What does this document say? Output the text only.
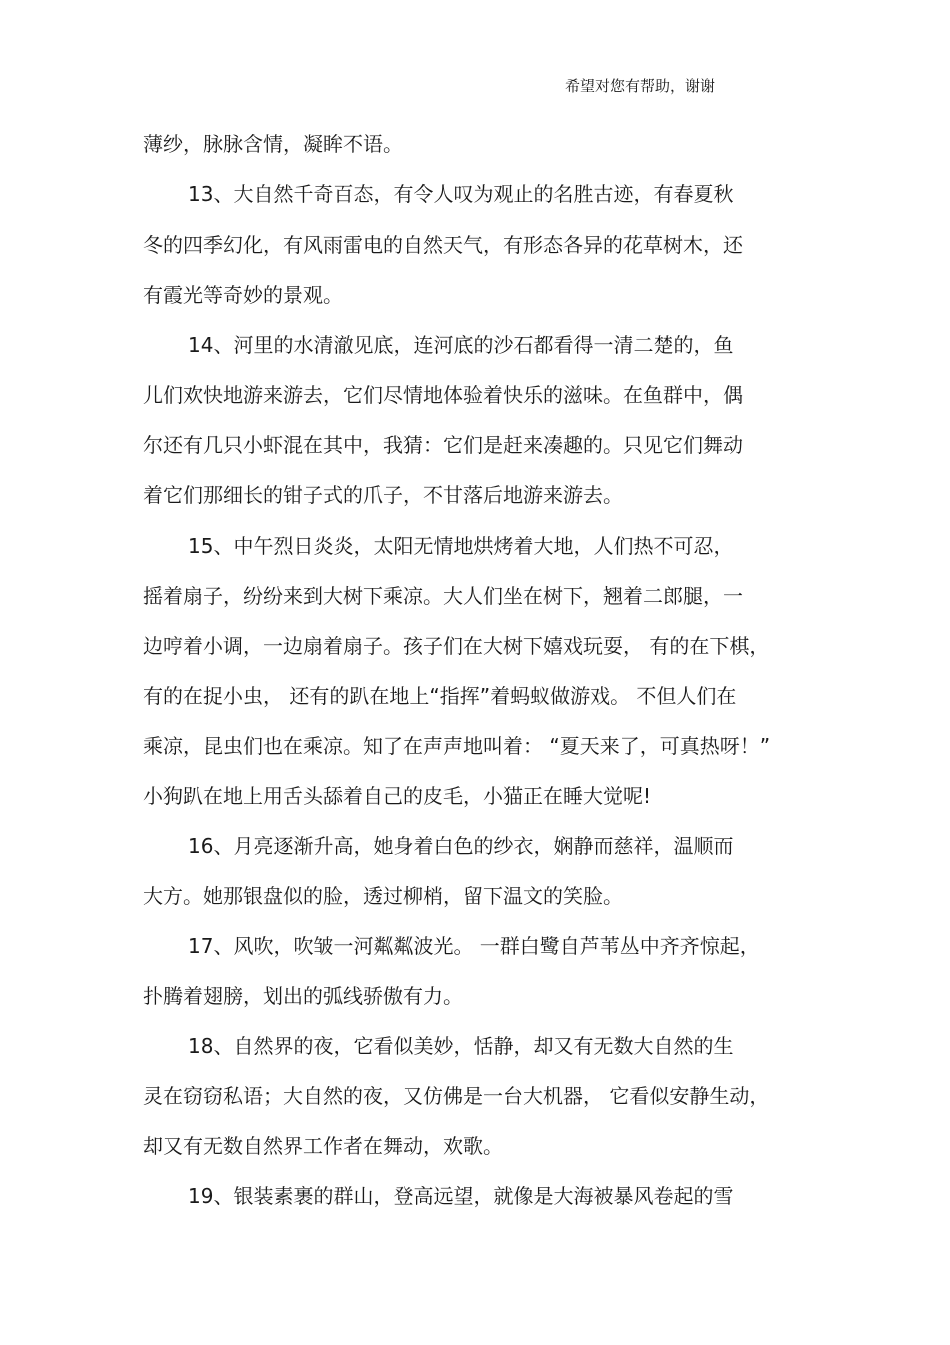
希望对您有帮助，谢谢
薄纱，脉脉含情，凝眸不语。
13、大自然千奇百态，有令人叹为观止的名胜古迹，有春夏秋
冬的四季幻化，有风雨雷电的自然天气，有形态各异的花草树木，还
有霞光等奇妙的景观。
14、河里的水清澈见底，连河底的沙石都看得一清二楚的，鱼
儿们欢快地游来游去，它们尽情地体验着快乐的滋味。在鱼群中，偶
尔还有几只小虾混在其中，我猜：它们是赶来凑趣的。只见它们舞动
着它们那细长的钳子式的爪子，不甘落后地游来游去。
15、中午烈日炎炎，太阳无情地烘烤着大地，人们热不可忍，
摇着扇子，纷纷来到大树下乘凉。大人们坐在树下，翘着二郎腿，一
边哼着小调，一边扇着扇子。孩子们在大树下嬉戏玩耍， 有的在下棋，
有的在捉小虫， 还有的趴在地上“指挥”着蚂蚁做游戏。 不但人们在
乘凉，昆虫们也在乘凉。知了在声声地叫着： “夏天来了，可真热呀！”
小狗趴在地上用舌头舔着自己的皮毛，小猫正在睡大觉呢!
16、月亮逐渐升高，她身着白色的纱衣，娴静而慈祥，温顺而
大方。她那银盘似的脸，透过柳梢，留下温文的笑脸。
17、风吹，吹皱一河粼粼波光。 一群白鹭自芦苇丛中齐齐惊起，
扑腾着翅膀，划出的弧线骄傲有力。
18、自然界的夜，它看似美妙，恬静，却又有无数大自然的生
灵在窃窃私语；大自然的夜，又仿佛是一台大机器， 它看似安静生动，
却又有无数自然界工作者在舞动，欢歌。
19、银装素裹的群山，登高远望，就像是大海被暴风卷起的雪
